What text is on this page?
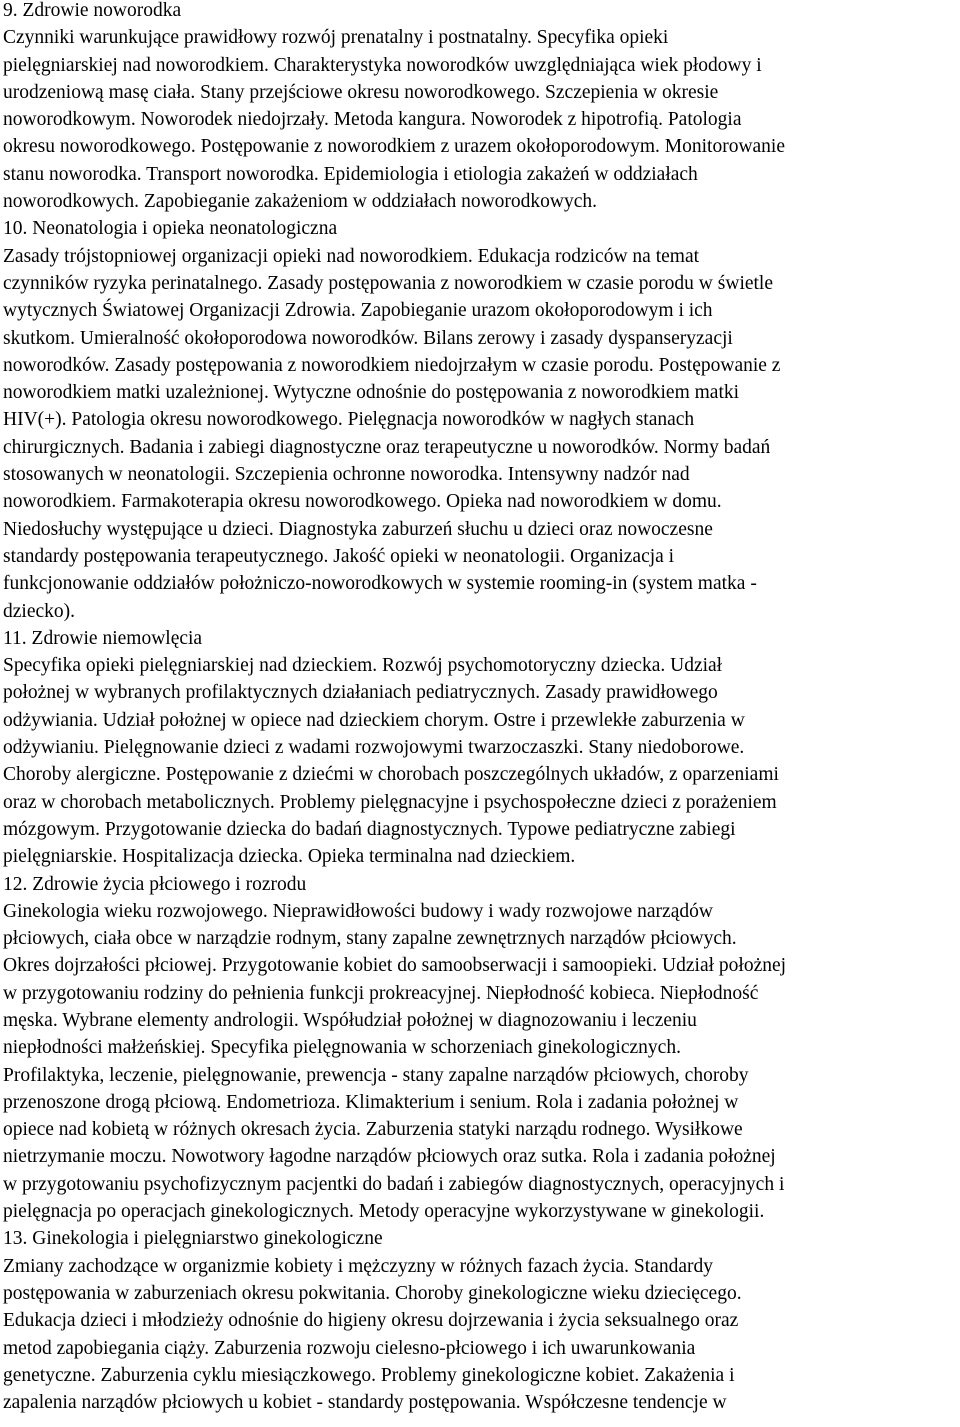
9. Zdrowie noworodka
Czynniki warunkujące prawidłowy rozwój prenatalny i postnatalny. Specyfika opieki
pielęgniarskiej nad noworodkiem. Charakterystyka noworodków uwzględniająca wiek płodowy i
urodzeniową masę ciała. Stany przejściowe okresu noworodkowego. Szczepienia w okresie
noworodkowym. Noworodek niedojrzały. Metoda kangura. Noworodek z hipotrofią. Patologia
okresu noworodkowego. Postępowanie z noworodkiem z urazem okołoporodowym. Monitorowanie
stanu noworodka. Transport noworodka. Epidemiologia i etiologia zakażeń w oddziałach
noworodkowych. Zapobieganie zakażeniom w oddziałach noworodkowych.
10. Neonatologia i opieka neonatologiczna
Zasady trójstopniowej organizacji opieki nad noworodkiem. Edukacja rodziców na temat
czynników ryzyka perinatalnego. Zasady postępowania z noworodkiem w czasie porodu w świetle
wytycznych Światowej Organizacji Zdrowia. Zapobieganie urazom okołoporodowym i ich
skutkom. Umieralność okołoporodowa noworodków. Bilans zerowy i zasady dyspanseryzacji
noworodków. Zasady postępowania z noworodkiem niedojrzałym w czasie porodu. Postępowanie z
noworodkiem matki uzależnionej. Wytyczne odnośnie do postępowania z noworodkiem matki
HIV(+). Patologia okresu noworodkowego. Pielęgnacja noworodków w nagłych stanach
chirurgicznych. Badania i zabiegi diagnostyczne oraz terapeutyczne u noworodków. Normy badań
stosowanych w neonatologii. Szczepienia ochronne noworodka. Intensywny nadzór nad
noworodkiem. Farmakoterapia okresu noworodkowego. Opieka nad noworodkiem w domu.
Niedosłuchy występujące u dzieci. Diagnostyka zaburzeń słuchu u dzieci oraz nowoczesne
standardy postępowania terapeutycznego. Jakość opieki w neonatologii. Organizacja i
funkcjonowanie oddziałów położniczo-noworodkowych w systemie rooming-in (system matka -
dziecko).
11. Zdrowie niemowlęcia
Specyfika opieki pielęgniarskiej nad dzieckiem. Rozwój psychomotoryczny dziecka. Udział
położnej w wybranych profilaktycznych działaniach pediatrycznych. Zasady prawidłowego
odżywiania. Udział położnej w opiece nad dzieckiem chorym. Ostre i przewlekłe zaburzenia w
odżywianiu. Pielęgnowanie dzieci z wadami rozwojowymi twarzoczaszki. Stany niedoborowe.
Choroby alergiczne. Postępowanie z dziećmi w chorobach poszczególnych układów, z oparzeniami
oraz w chorobach metabolicznych. Problemy pielęgnacyjne i psychospołeczne dzieci z porażeniem
mózgowym. Przygotowanie dziecka do badań diagnostycznych. Typowe pediatryczne zabiegi
pielęgniarskie. Hospitalizacja dziecka. Opieka terminalna nad dzieckiem.
12. Zdrowie życia płciowego i rozrodu
Ginekologia wieku rozwojowego. Nieprawidłowości budowy i wady rozwojowe narządów
płciowych, ciała obce w narządzie rodnym, stany zapalne zewnętrznych narządów płciowych.
Okres dojrzałości płciowej. Przygotowanie kobiet do samoobserwacji i samoopieki. Udział położnej
w przygotowaniu rodziny do pełnienia funkcji prokreacyjnej. Niepłodność kobieca. Niepłodność
męska. Wybrane elementy andrologii. Współudział położnej w diagnozowaniu i leczeniu
niepłodności małżeńskiej. Specyfika pielęgnowania w schorzeniach ginekologicznych.
Profilaktyka, leczenie, pielęgnowanie, prewencja - stany zapalne narządów płciowych, choroby
przenoszone drogą płciową. Endometrioza. Klimakterium i senium. Rola i zadania położnej w
opiece nad kobietą w różnych okresach życia. Zaburzenia statyki narządu rodnego. Wysiłkowe
nietrzymanie moczu. Nowotwory łagodne narządów płciowych oraz sutka. Rola i zadania położnej
w przygotowaniu psychofizycznym pacjentki do badań i zabiegów diagnostycznych, operacyjnych i
pielęgnacja po operacjach ginekologicznych. Metody operacyjne wykorzystywane w ginekologii.
13. Ginekologia i pielęgniarstwo ginekologiczne
Zmiany zachodzące w organizmie kobiety i mężczyzny w różnych fazach życia. Standardy
postępowania w zaburzeniach okresu pokwitania. Choroby ginekologiczne wieku dziecięcego.
Edukacja dzieci i młodzieży odnośnie do higieny okresu dojrzewania i życia seksualnego oraz
metod zapobiegania ciąży. Zaburzenia rozwoju cielesno-płciowego i ich uwarunkowania
genetyczne. Zaburzenia cyklu miesiączkowego. Problemy ginekologiczne kobiet. Zakażenia i
zapalenia narządów płciowych u kobiet - standardy postępowania. Współczesne tendencje w
